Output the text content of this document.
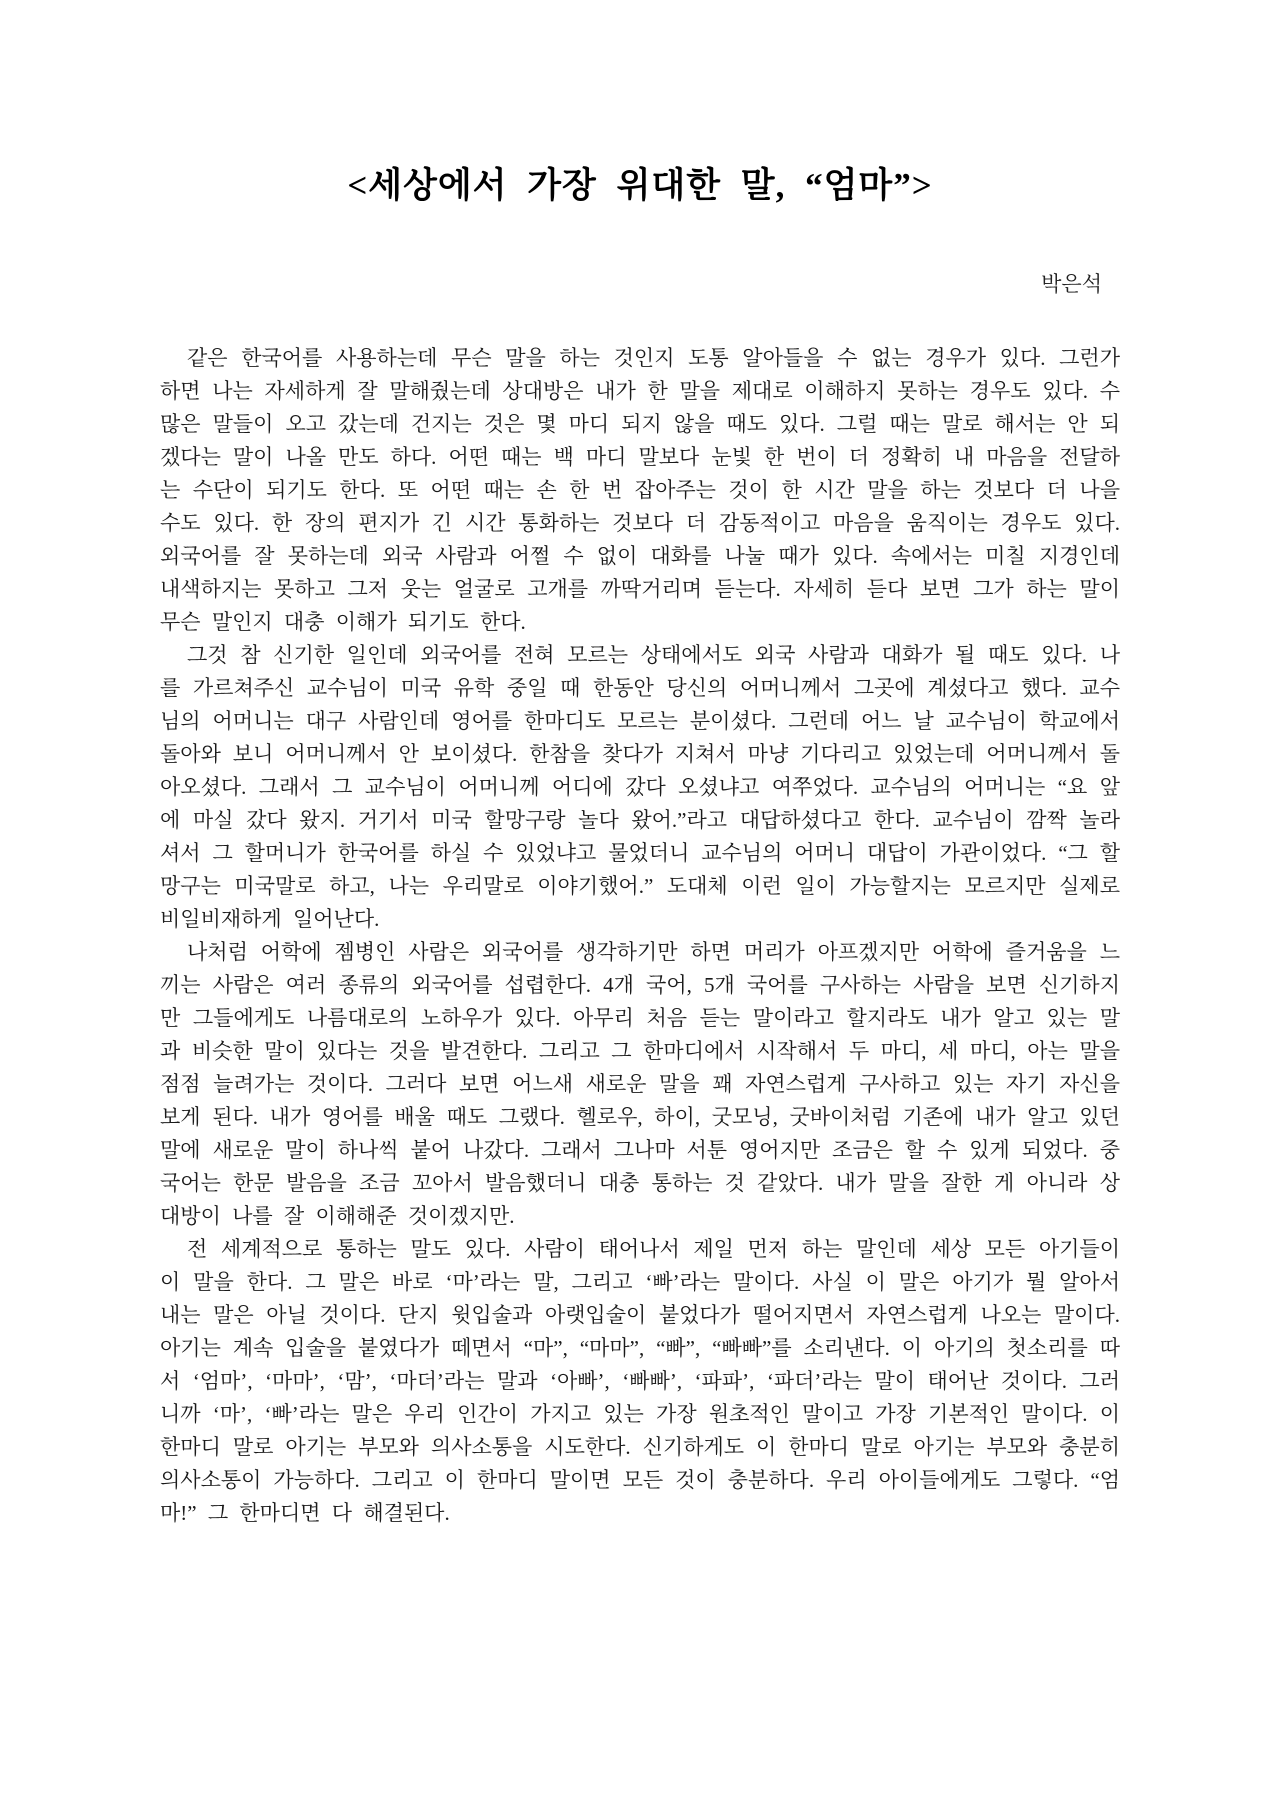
<세상에서 가장 위대한 말, “엄마”>
박은석

같은 한국어를 사용하는데 무슨 말을 하는 것인지 도통 알아들을 수 없는 경우가 있다. 그런가 하면 나는 자세하게 잘 말해줬는데 상대방은 내가 한 말을 제대로 이해하지 못하는 경우도 있다. 수많은 말들이 오고 갔는데 건지는 것은 몇 마디 되지 않을 때도 있다. 그럴 때는 말로 해서는 안 되겠다는 말이 나올 만도 하다. 어떤 때는 백 마디 말보다 눈빛 한 번이 더 정확히 내 마음을 전달하는 수단이 되기도 한다. 또 어떤 때는 손 한 번 잡아주는 것이 한 시간 말을 하는 것보다 더 나을 수도 있다. 한 장의 편지가 긴 시간 통화하는 것보다 더 감동적이고 마음을 움직이는 경우도 있다. 외국어를 잘 못하는데 외국 사람과 어쩔 수 없이 대화를 나눌 때가 있다. 속에서는 미칠 지경인데 내색하지는 못하고 그저 웃는 얼굴로 고개를 까딱거리며 듣는다. 자세히 듣다 보면 그가 하는 말이 무슨 말인지 대충 이해가 되기도 한다.

그것 참 신기한 일인데 외국어를 전혀 모르는 상태에서도 외국 사람과 대화가 될 때도 있다. 나를 가르쳐주신 교수님이 미국 유학 중일 때 한동안 당신의 어머니께서 그곳에 계셨다고 했다. 교수님의 어머니는 대구 사람인데 영어를 한마디도 모르는 분이셨다. 그런데 어느 날 교수님이 학교에서 돌아와 보니 어머니께서 안 보이셨다. 한참을 찾다가 지쳐서 마냥 기다리고 있었는데 어머니께서 돌아오셨다. 그래서 그 교수님이 어머니께 어디에 갔다 오셨냐고 여쭈었다. 교수님의 어머니는 “요 앞에 마실 갔다 왔지. 거기서 미국 할망구랑 놀다 왔어.”라고 대답하셨다고 한다. 교수님이 깜짝 놀라셔서 그 할머니가 한국어를 하실 수 있었냐고 물었더니 교수님의 어머니 대답이 가관이었다. “그 할망구는 미국말로 하고, 나는 우리말로 이야기했어.” 도대체 이런 일이 가능할지는 모르지만 실제로 비일비재하게 일어난다.

나처럼 어학에 젬병인 사람은 외국어를 생각하기만 하면 머리가 아프겠지만 어학에 즐거움을 느끼는 사람은 여러 종류의 외국어를 섭렵한다. 4개 국어, 5개 국어를 구사하는 사람을 보면 신기하지만 그들에게도 나름대로의 노하우가 있다. 아무리 처음 듣는 말이라고 할지라도 내가 알고 있는 말과 비슷한 말이 있다는 것을 발견한다. 그리고 그 한마디에서 시작해서 두 마디, 세 마디, 아는 말을 점점 늘려가는 것이다. 그러다 보면 어느새 새로운 말을 꽤 자연스럽게 구사하고 있는 자기 자신을 보게 된다. 내가 영어를 배울 때도 그랬다. 헬로우, 하이, 굿모닝, 굿바이처럼 기존에 내가 알고 있던 말에 새로운 말이 하나씩 붙어 나갔다. 그래서 그나마 서툰 영어지만 조금은 할 수 있게 되었다. 중국어는 한문 발음을 조금 꼬아서 발음했더니 대충 통하는 것 같았다. 내가 말을 잘한 게 아니라 상대방이 나를 잘 이해해준 것이겠지만.

전 세계적으로 통하는 말도 있다. 사람이 태어나서 제일 먼저 하는 말인데 세상 모든 아기들이 이 말을 한다. 그 말은 바로 ‘마’라는 말, 그리고 ‘빠’라는 말이다. 사실 이 말은 아기가 뭘 알아서 내는 말은 아닐 것이다. 단지 윗입술과 아랫입술이 붙었다가 떨어지면서 자연스럽게 나오는 말이다. 아기는 계속 입술을 붙였다가 떼면서 “마”, “마마”, “빠”, “빠빠”를 소리낸다. 이 아기의 첫소리를 따서 ‘엄마’, ‘마마’, ‘맘’, ‘마더’라는 말과 ‘아빠’, ‘빠빠’, ‘파파’, ‘파더’라는 말이 태어난 것이다. 그러니까 ‘마’, ‘빠’라는 말은 우리 인간이 가지고 있는 가장 원초적인 말이고 가장 기본적인 말이다. 이 한마디 말로 아기는 부모와 의사소통을 시도한다. 신기하게도 이 한마디 말로 아기는 부모와 충분히 의사소통이 가능하다. 그리고 이 한마디 말이면 모든 것이 충분하다. 우리 아이들에게도 그렇다. “엄마!” 그 한마디면 다 해결된다.
